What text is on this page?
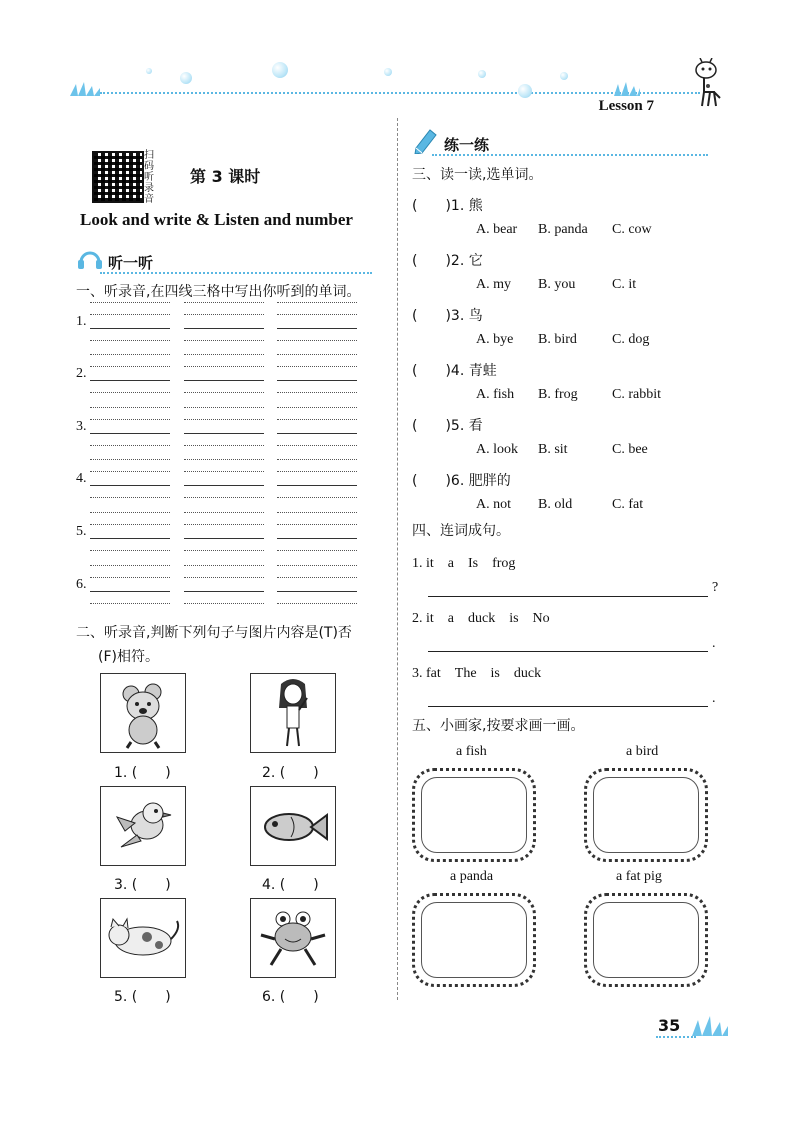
Lesson 7
扫码听录音
第 3 课时
Look and write & Listen and number
听一听
一、听录音,在四线三格中写出你听到的单词。
1.
2.
3.
4.
5.
6.
二、听录音,判断下列句子与图片内容是(T)否
(F)相符。
1. (　　)	2. (　　)
3. (　　)	4. (　　)
5. (　　)	6. (　　)
练一练
三、读一读,选单词。
(　　)1. 熊
A. bear B. panda C. cow
(　　)2. 它
A. my B. you	C. it
(　　)3. 鸟
A. bye B. bird	C. dog
(　　)4. 青蛙
A. fish B. frog C. rabbit
(　　)5. 看
A. look B. sit	C. bee
(　　)6. 肥胖的
A. not B. old	C. fat
四、连词成句。
1. it　a　Is　frog
?
2. it　a　duck　is　No
.
3. fat　The　is　duck
.
五、小画家,按要求画一画。
a fish	a bird
a panda	a fat pig
35
